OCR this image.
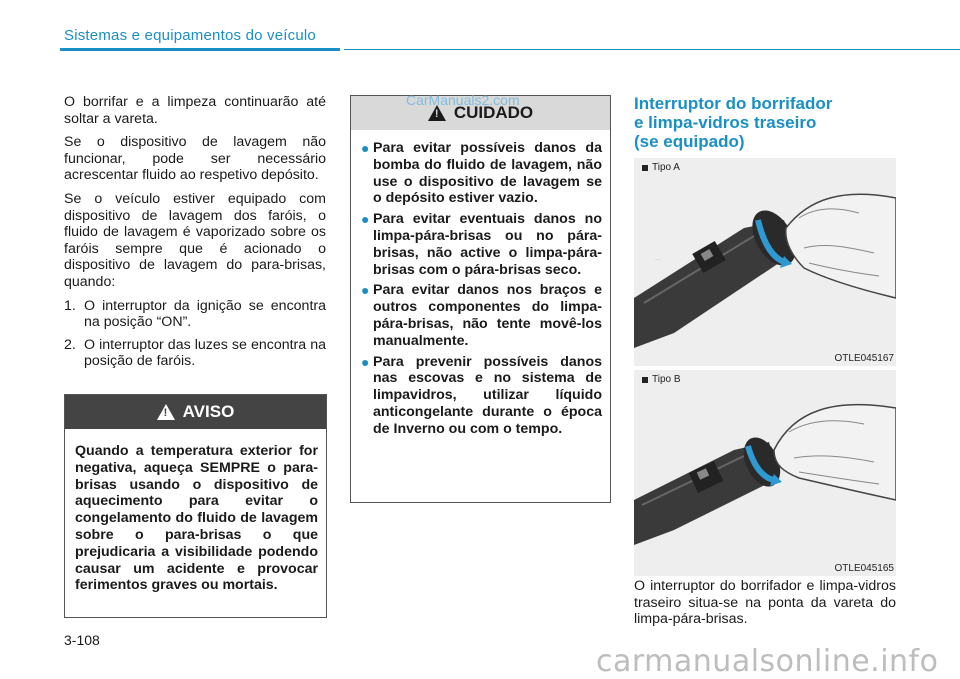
Sistemas e equipamentos do veículo

O borrifar e a limpeza continuarão até soltar a vareta.

Se o dispositivo de lavagem não funcionar, pode ser necessário acrescentar fluido ao respetivo depósito.

Se o veículo estiver equipado com dispositivo de lavagem dos faróis, o fluido de lavagem é vaporizado sobre os faróis sempre que é acionado o dispositivo de lavagem do para-brisas, quando:

1. O interruptor da ignição se encontra na posição “ON”.
2. O interruptor das luzes se encontra na posição de faróis.
!
AVISO
Quando a temperatura exterior for negativa, aqueça SEMPRE o para-brisas usando o dispositivo de aquecimento para evitar o congelamento do fluido de lavagem sobre o para-brisas o que prejudicaria a visibilidade podendo causar um acidente e provocar ferimentos graves ou mortais.
!
CUIDADO
● Para evitar possíveis danos da bomba do fluido de lavagem, não use o dispositivo de lavagem se o depósito estiver vazio.
● Para evitar eventuais danos no limpa-pára-brisas ou no pára-brisas, não active o limpa-pára-brisas com o pára-brisas seco.
● Para evitar danos nos braços e outros componentes do limpa-pára-brisas, não tente movê-los manualmente.
● Para prevenir possíveis danos nas escovas e no sistema de limpavidros, utilizar líquido anticongelante durante o época de Inverno ou com o tempo.
CarManuals2.com	Interruptor do borrifador
e limpa-vidros traseiro
(se equipado)
Tipo A
⌒
OTLE045167
Tipo B
OTLE045165
O interruptor do borrifador e limpa-vidros traseiro situa-se na ponta da vareta do limpa-pára-brisas.
3-108
carmanualsonline.info
